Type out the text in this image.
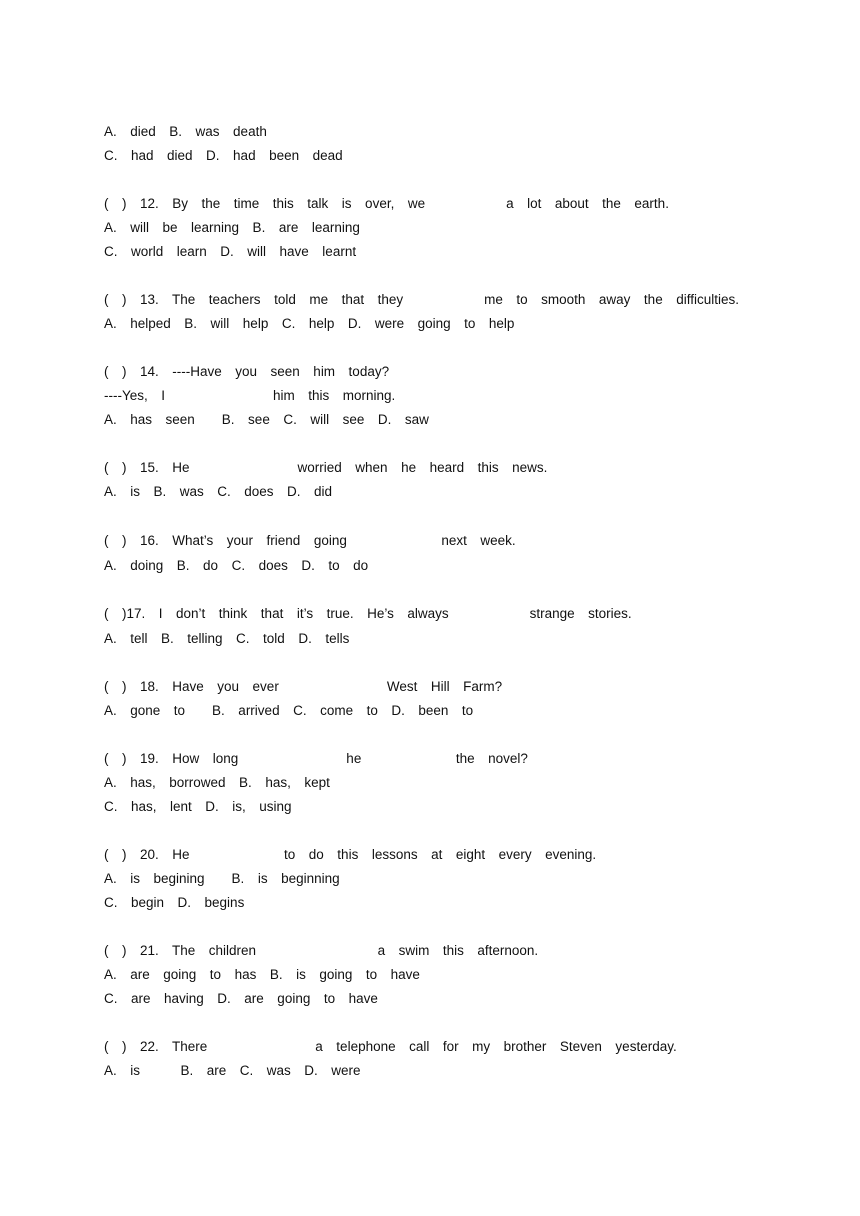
A.  died  B.  was  death
C.  had  died  D.  had  been  dead
(  )  12.  By  the  time  this  talk  is  over,  we            a  lot  about  the  earth.
A.  will  be  learning  B.  are  learning
C.  world  learn  D.  will  have  learnt
(  )  13.  The  teachers  told  me  that  they            me  to  smooth  away  the  difficulties.
A.  helped  B.  will  help  C.  help  D.  were  going  to  help
(  )  14.  ----Have  you  seen  him  today?
----Yes,  I                him  this  morning.
A.  has  seen    B.  see  C.  will  see  D.  saw
(  )  15.  He                worried  when  he  heard  this  news.
A.  is  B.  was  C.  does  D.  did
(  )  16.  What’s  your  friend  going              next  week.
A.  doing  B.  do  C.  does  D.  to  do
(  )17.  I  don’t  think  that  it’s  true.  He’s  always            strange  stories.
A.  tell  B.  telling  C.  told  D.  tells
(  )  18.  Have  you  ever                West  Hill  Farm?
A.  gone  to    B.  arrived  C.  come  to  D.  been  to
(  )  19.  How  long                he              the  novel?
A.  has,  borrowed  B.  has,  kept
C.  has,  lent  D.  is,  using
(  )  20.  He              to  do  this  lessons  at  eight  every  evening.
A.  is  begining    B.  is  beginning
C.  begin  D.  begins
(  )  21.  The  children                  a  swim  this  afternoon.
A.  are  going  to  has  B.  is  going  to  have
C.  are  having  D.  are  going  to  have
(  )  22.  There                a  telephone  call  for  my  brother  Steven  yesterday.
A.  is      B.  are  C.  was  D.  were
